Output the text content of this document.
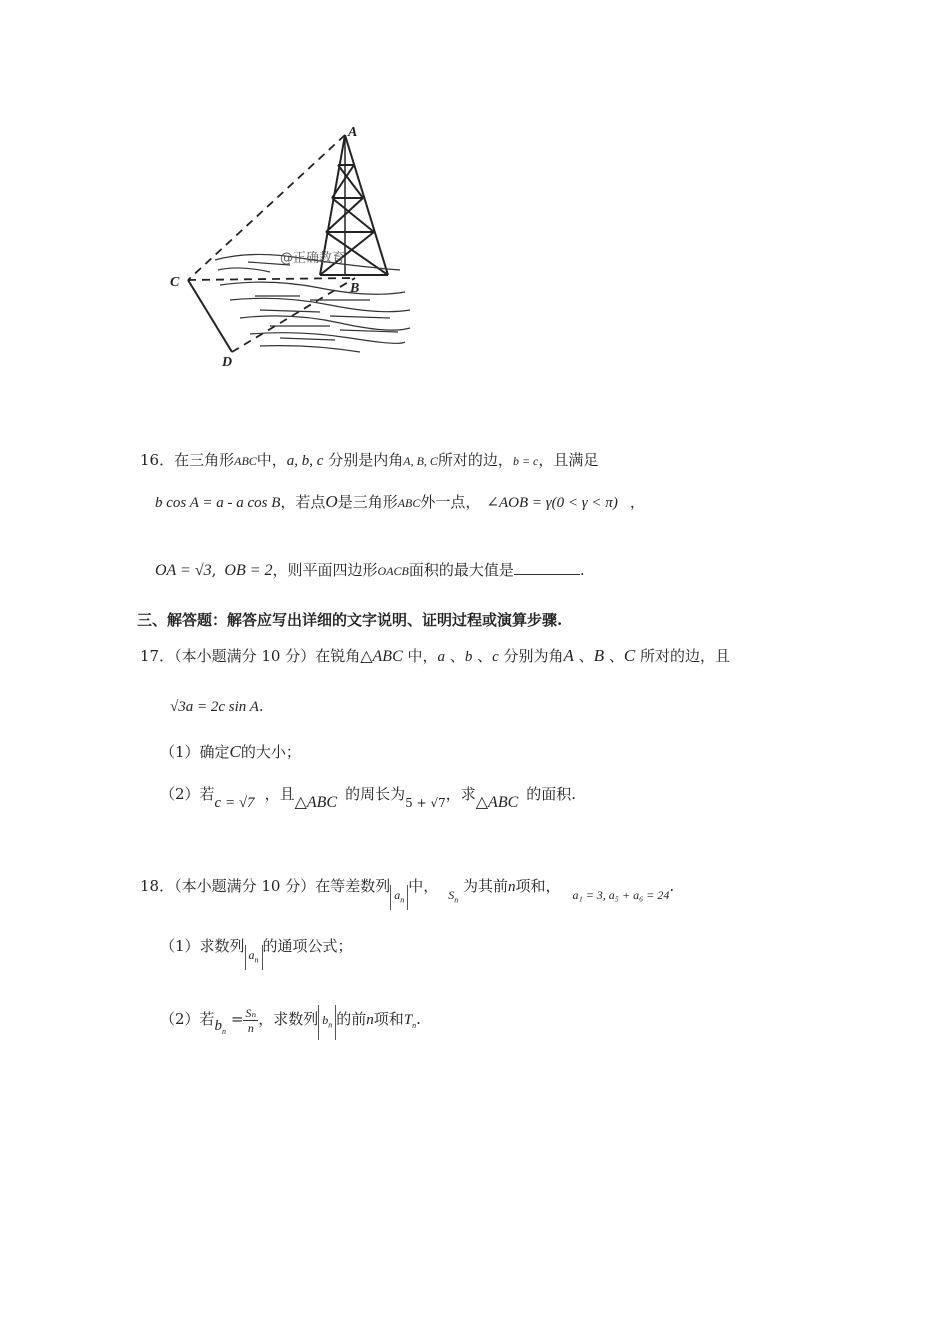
A
B
C
D
@正确教育
16．在三角形ABC中，a, b, c 分别是内角A, B, C所对的边，b = c，且满足
b cos A = a - a cos B，若点O是三角形ABC外一点， ∠AOB = γ(0 < γ < π) ，
OA = √3, OB = 2，则平面四边形OACB面积的最大值是	.
三、解答题：解答应写出详细的文字说明、证明过程或演算步骤.
17．（本小题满分 10 分）在锐角△ABC 中，a 、b 、c 分别为角A 、B 、C 所对的边，且
√3a = 2c sin A.
（1）确定C的大小；
（2）若c = √7 ，且△ABC 的周长为$_{5 + √7}$，求△ABC 的面积.
18．（本小题满分 10 分）在等差数列 $a_n$中， $_{S_n}$ 为其前n项和， $_{a_1 = 3, a_5 + a_6 = 24}$.
（1）求数列 $a_n$的通项公式；
（2）若$b_n = \frac{\text{Sₙ}}{n}$ ，求数列 $b_n$ 的前n项和$T_n$.
